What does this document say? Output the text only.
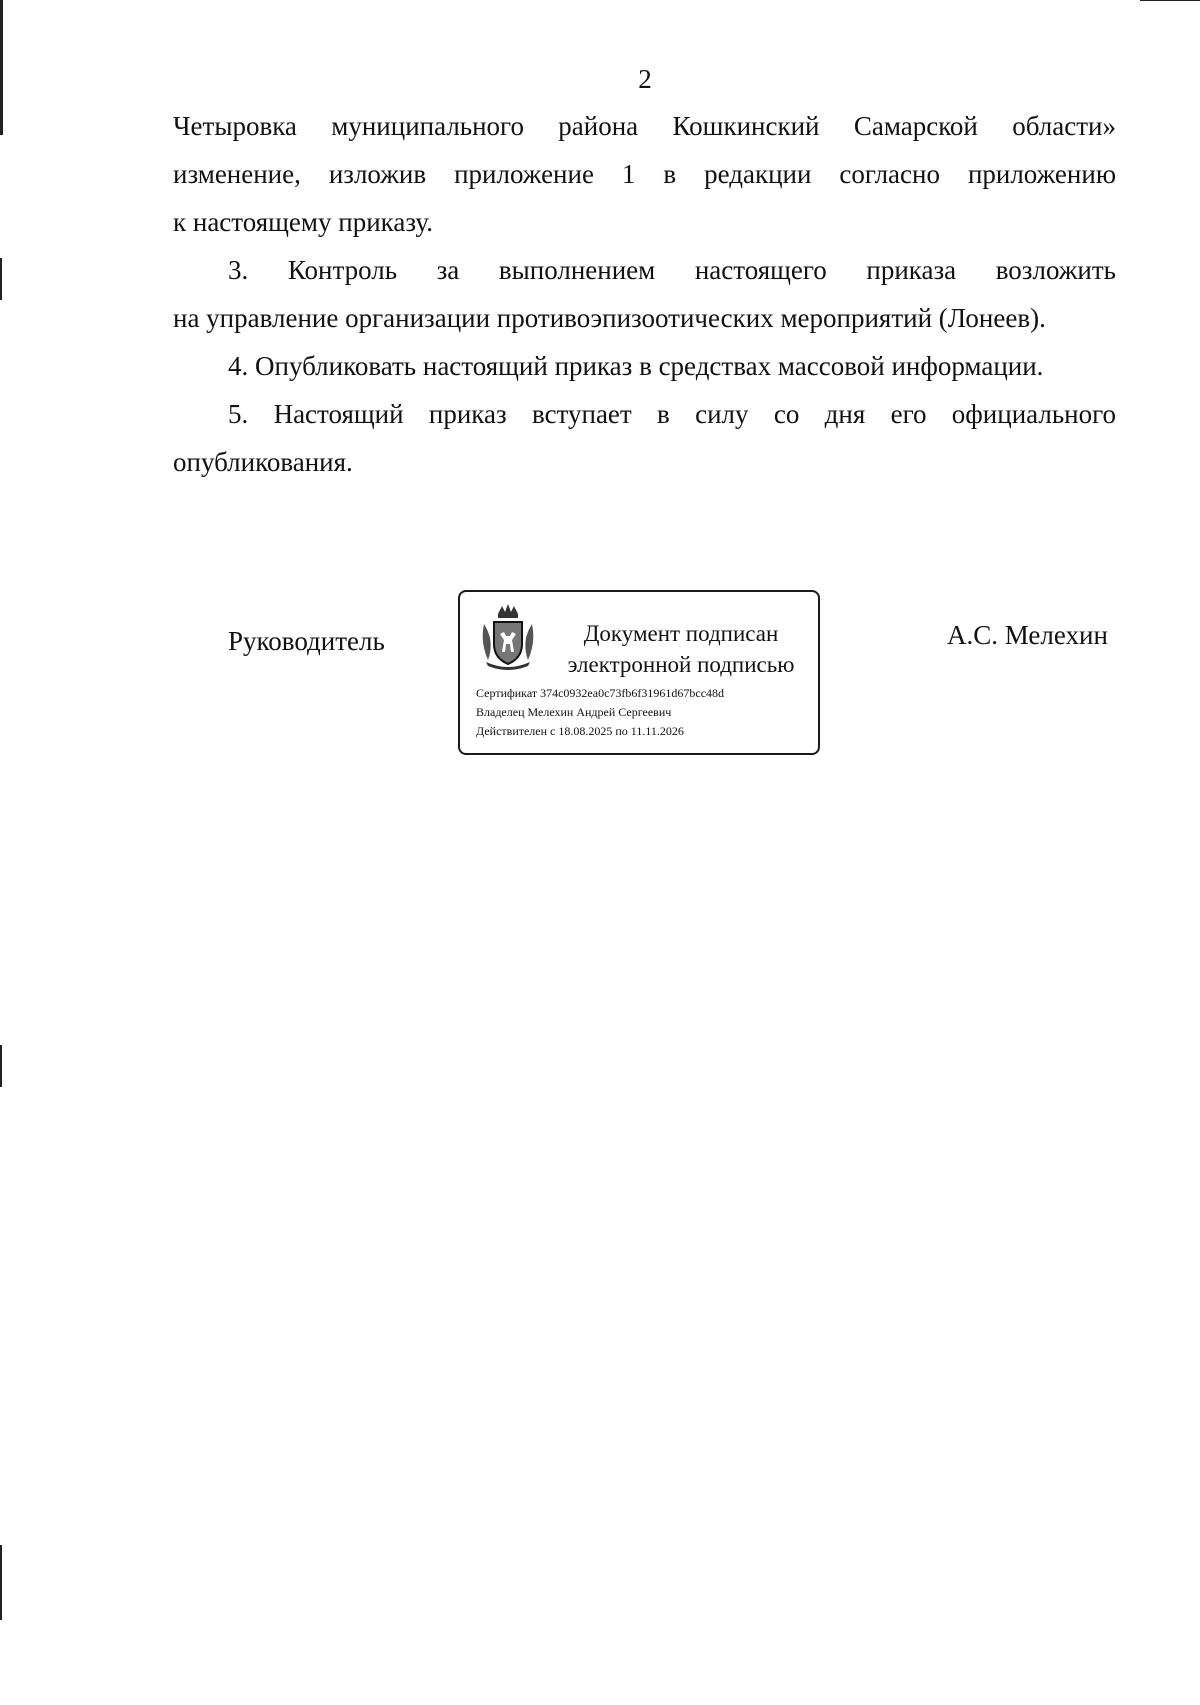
2
Четыровка муниципального района Кошкинский Самарской области»
изменение, изложив приложение 1 в редакции согласно приложению
к настоящему приказу.
3. Контроль за выполнением настоящего приказа возложить
на управление организации противоэпизоотических мероприятий (Лонеев).
4. Опубликовать настоящий приказ в средствах массовой информации.
5. Настоящий приказ вступает в силу со дня его официального
опубликования.
Руководитель	Документ подписан
электронной подписью
Сертификат 374c0932ea0c73fb6f31961d67bcc48d
Владелец Мелехин Андрей Сергеевич
Действителен с 18.08.2025 по 11.11.2026
А.С. Мелехин
